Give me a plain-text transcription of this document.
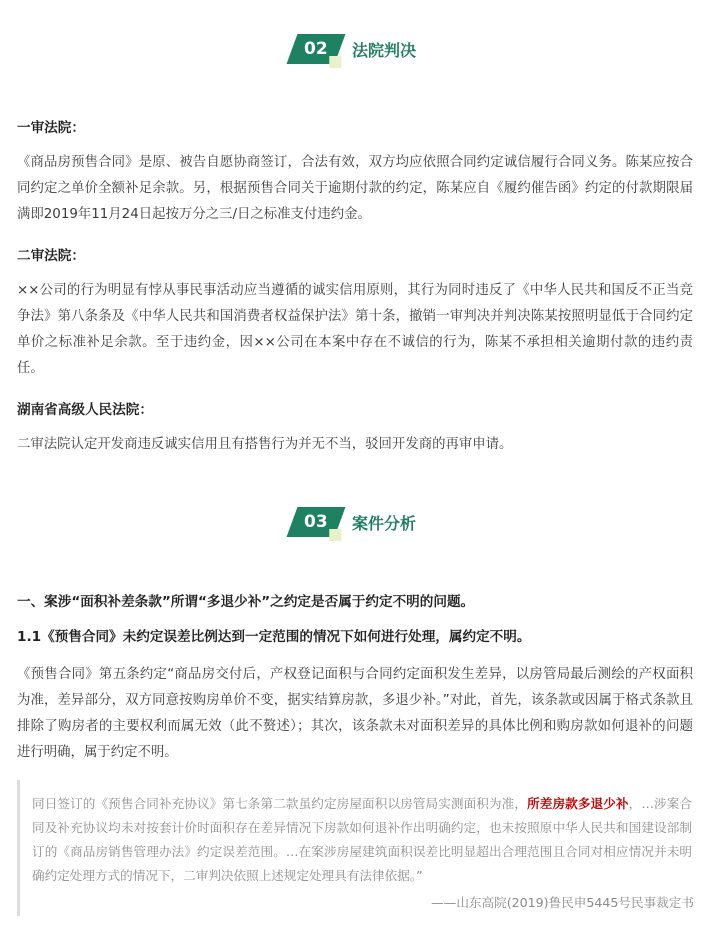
02 法院判决

一审法院：

《商品房预售合同》是原、被告自愿协商签订，合法有效，双方均应依照合同约定诚信履行合同义务。陈某应按合同约定之单价全额补足余款。另，根据预售合同关于逾期付款的约定，陈某应自《履约催告函》约定的付款期限届满即2019年11月24日起按万分之三/日之标准支付违约金。

二审法院：

××公司的行为明显有悖从事民事活动应当遵循的诚实信用原则，其行为同时违反了《中华人民共和国反不正当竞争法》第八条条及《中华人民共和国消费者权益保护法》第十条，撤销一审判决并判决陈某按照明显低于合同约定单价之标准补足余款。至于违约金，因××公司在本案中存在不诚信的行为，陈某不承担相关逾期付款的违约责任。

湖南省高级人民法院：

二审法院认定开发商违反诚实信用且有搭售行为并无不当，驳回开发商的再审申请。

03 案件分析

一、案涉“面积补差条款”所谓“多退少补”之约定是否属于约定不明的问题。

1.1《预售合同》未约定误差比例达到一定范围的情况下如何进行处理，属约定不明。

《预售合同》第五条约定“商品房交付后，产权登记面积与合同约定面积发生差异，以房管局最后测绘的产权面积为准，差异部分，双方同意按购房单价不变，据实结算房款，多退少补。”对此，首先，该条款或因属于格式条款且排除了购房者的主要权利而属无效（此不赘述）；其次，该条款未对面积差异的具体比例和购房款如何退补的问题进行明确，属于约定不明。

同日签订的《预售合同补充协议》第七条第二款虽约定房屋面积以房管局实测面积为准，所差房款多退少补，…涉案合同及补充协议均未对按套计价时面积存在差异情况下房款如何退补作出明确约定，也未按照原中华人民共和国建设部制订的《商品房销售管理办法》约定误差范围。…在案涉房屋建筑面积误差比明显超出合理范围且合同对相应情况并未明确约定处理方式的情况下，二审判决依照上述规定处理具有法律依据。”

——山东高院(2019)鲁民申5445号民事裁定书
